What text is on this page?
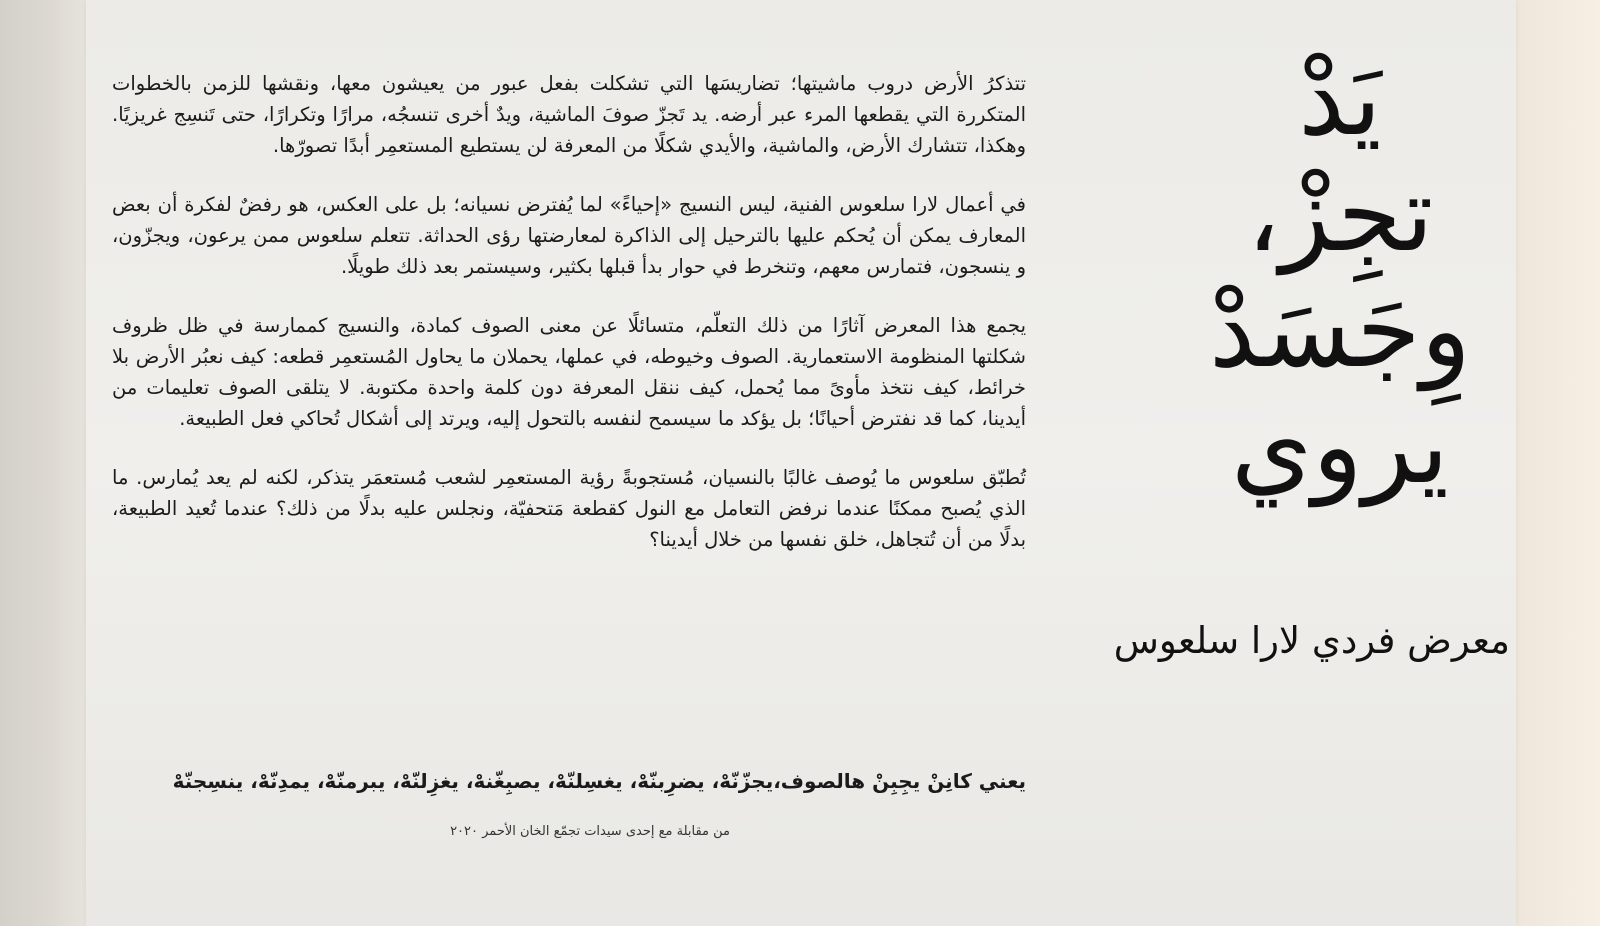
تتذكرُ الأرض دروب ماشيتها؛ تضاريسَها التي تشكلت بفعل عبور من يعيشون معها، ونقشها للزمن بالخطوات المتكررة التي يقطعها المرء عبر أرضه. يد تَجزّ صوفَ الماشية، ويدٌ أخرى تنسجُه، مرارًا وتكرارًا، حتى تَنسِج غريزيًا. وهكذا، تتشارك الأرض، والماشية، والأيدي شكلًا من المعرفة لن يستطيع المستعمِر أبدًا تصورّها.

في أعمال لارا سلعوس الفنية، ليس النسيج «إحياءً» لما يُفترض نسيانه؛ بل على العكس، هو رفضٌ لفكرة أن بعض المعارف يمكن أن يُحكم عليها بالترحيل إلى الذاكرة لمعارضتها رؤى الحداثة. تتعلم سلعوس ممن يرعون، ويجزّون، و ينسجون، فتمارس معهم، وتنخرط في حوار بدأ قبلها بكثير، وسيستمر بعد ذلك طويلًا.

يجمع هذا المعرض آثارًا من ذلك التعلّم، متسائلًا عن معنى الصوف كمادة، والنسيج كممارسة في ظل ظروف شكلتها المنظومة الاستعمارية. الصوف وخيوطه، في عملها، يحملان ما يحاول المُستعمِر قطعه: كيف نعبُر الأرض بلا خرائط، كيف نتخذ مأوىً مما يُحمل، كيف ننقل المعرفة دون كلمة واحدة مكتوبة. لا يتلقى الصوف تعليمات من أيدينا، كما قد نفترض أحيانًا؛ بل يؤكد ما سيسمح لنفسه بالتحول إليه، ويرتد إلى أشكال تُحاكي فعل الطبيعة.

تُطبّق سلعوس ما يُوصف غالبًا بالنسيان، مُستجوبةً رؤية المستعمِر لشعب مُستعمَر يتذكر، لكنه لم يعد يُمارس. ما الذي يُصبح ممكنًا عندما نرفض التعامل مع النول كقطعة مَتحفيّة، ونجلس عليه بدلًا من ذلك؟ عندما تُعيد الطبيعة، بدلًا من أن تُتجاهل، خلق نفسها من خلال أيدينا؟

يعني كانِنْ يجِبِنْ هالصوف،يجزّنّهْ، يضرِبنّهْ، يغسِلنّهْ، يصبِغّنهْ، يغزِلنّهْ، يبرمنّهْ، يمدِنّهْ، ينسِجنّهْ
من مقابلة مع إحدى سيدات تجمّع الخان الأحمر ٢٠٢٠
يَدْ
تجِزْ،
وِجَسَدْ
يروي
معرض فردي لارا سلعوس
